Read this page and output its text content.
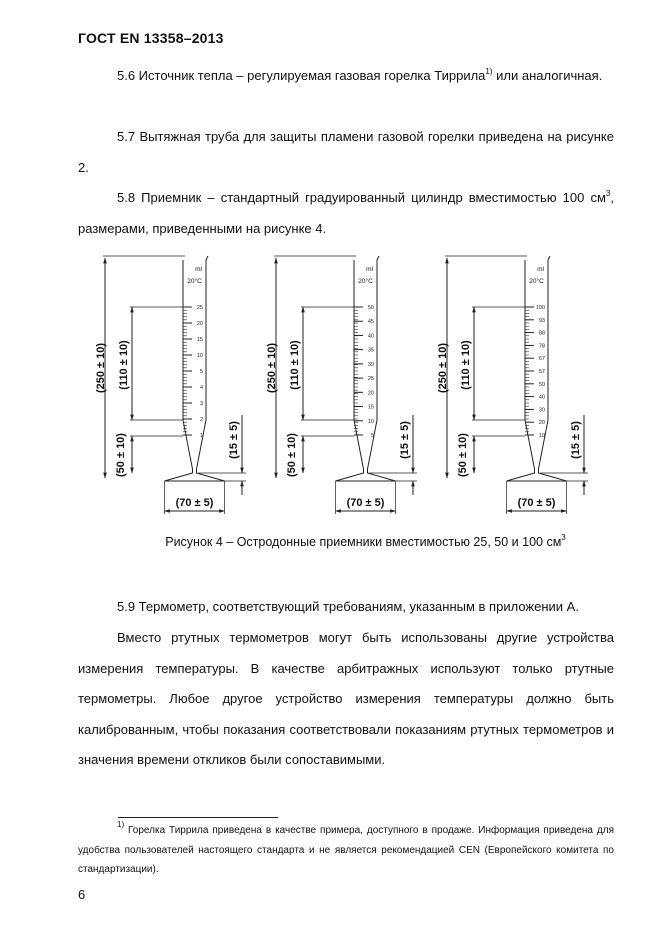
ГОСТ EN 13358–2013
5.6 Источник тепла – регулируемая газовая горелка Тиррила$^{1)}$ или аналогичная.
5.7 Вытяжная труба для защиты пламени газовой горелки приведена на рисунке 2.
5.8 Приемник – стандартный градуированный цилиндр вместимостью 100 $см^3$, размерами, приведенными на рисунке 4.
ml
20°C
25
20
15
10
5
4
3
2
1
(250 ± 10) (110 ± 10)
(50 ± 10)	(15 ± 5)
(70 ± 5)
ml
20°C
50
45
40
35
30
25
20
15
10
5
(250 ± 10) (110 ± 10)
(50 ± 10)	(15 ± 5)
(70 ± 5)
ml
20°C
100
93
88
78
67
57
50
40
30
20
10
(250 ± 10) (110 ± 10)
(50 ± 10)	(15 ± 5)
(70 ± 5)
Рисунок 4 – Остродонные приемники вместимостью 25, 50 и 100 $см^3$
5.9 Термометр, соответствующий требованиям, указанным в приложении А.
Вместо ртутных термометров могут быть использованы другие устройства измерения температуры. В качестве арбитражных используют только ртутные термометры. Любое другое устройство измерения температуры должно быть калиброванным, чтобы показания соответствовали показаниям ртутных термометров и значения времени откликов были сопоставимыми.
$^{1)}$ Горелка Тиррила приведена в качестве примера, доступного в продаже. Информация приведена для удобства пользователей настоящего стандарта и не является рекомендацией CEN (Европейского комитета по стандартизации).
6
